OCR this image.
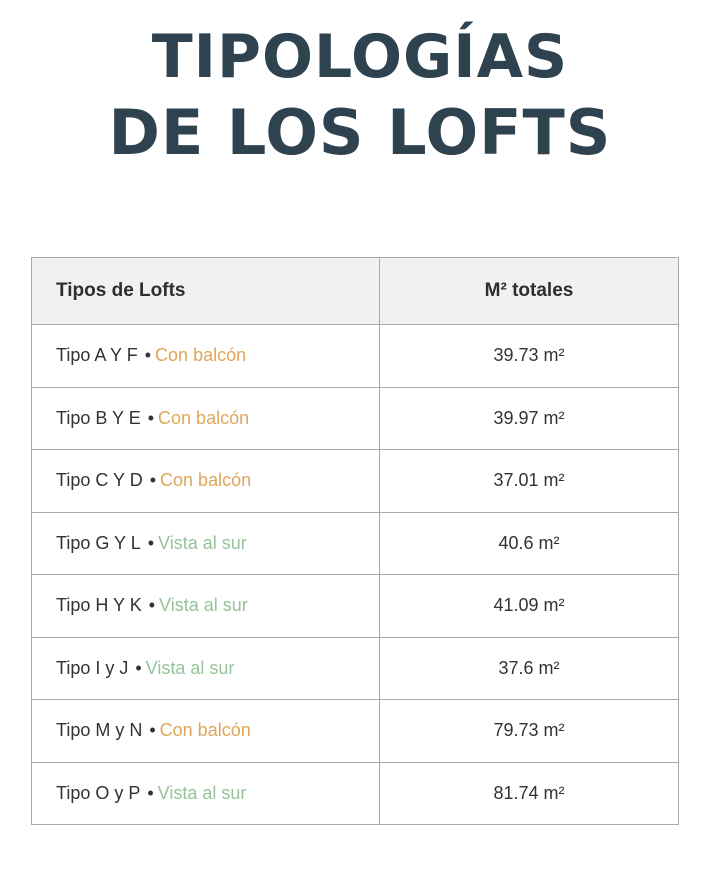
TIPOLOGÍAS
DE LOS LOFTS
Tipos de Lofts	M² totales
Tipo A Y F • Con balcón	39.73 m²
Tipo B Y E • Con balcón	39.97 m²
Tipo C Y D • Con balcón	37.01 m²
Tipo G Y L • Vista al sur	40.6 m²
Tipo H Y K • Vista al sur	41.09 m²
Tipo I y J • Vista al sur	37.6 m²
Tipo M y N • Con balcón	79.73 m²
Tipo O y P • Vista al sur	81.74 m²
